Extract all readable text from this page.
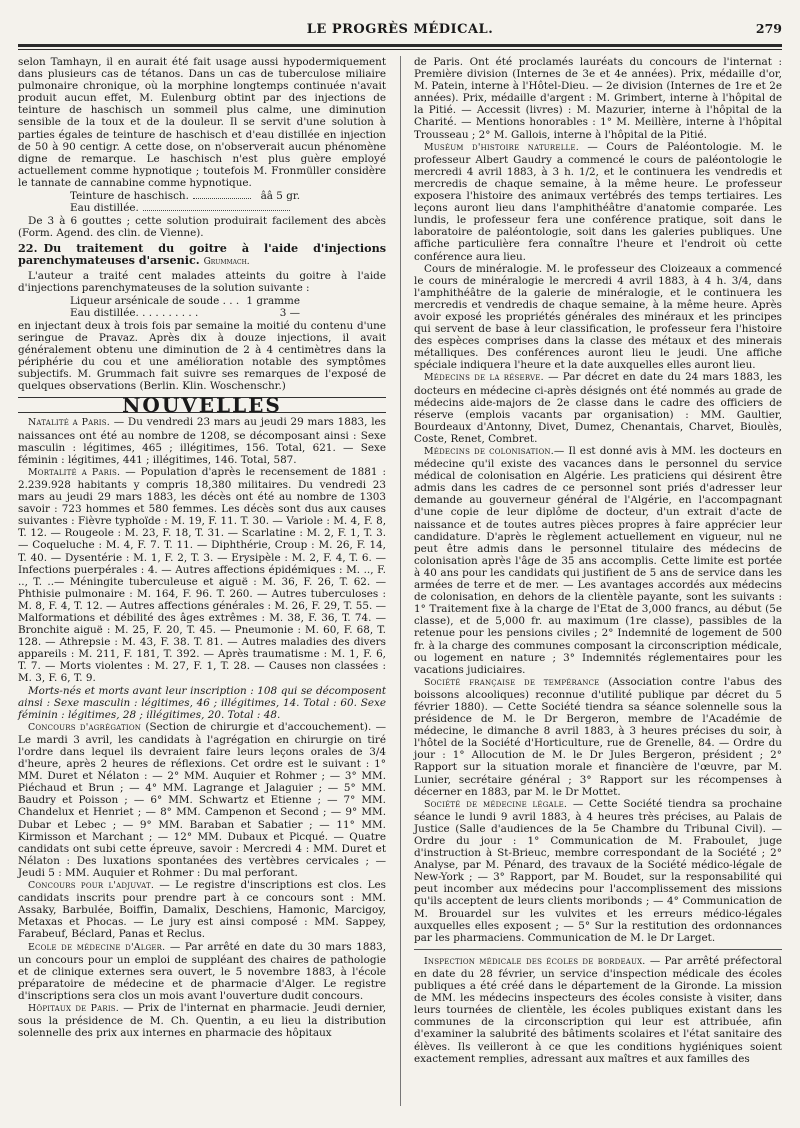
LE PROGRÈS MÉDICAL.	279

selon Tamhayn, il en aurait été fait usage aussi hypodermiquement dans plusieurs cas de tétanos. Dans un cas de tuberculose miliaire pulmonaire chronique, où la morphine longtemps continuée n'avait produit aucun effet, M. Eulenburg obtint par des injections de teinture de haschisch un sommeil plus calme, une diminution sensible de la toux et de la douleur. Il se servit d'une solution à parties égales de teinture de haschisch et d'eau distillée en injection de 50 à 90 centigr. A cette dose, on n'observerait aucun phénomène digne de remarque. Le haschisch n'est plus guère employé actuellement comme hypnotique ; toutefois M. Fronmüller considère le tannate de cannabine comme hypnotique.

Teinture de haschisch.	ââ 5 gr.
Eau distillée.

De 3 à 6 gouttes ; cette solution produirait facilement des abcès (Form. Agend. des clin. de Vienne).

22. Du traitement du goitre à l'aide d'injections parenchymateuses d'arsenic. Grummach.

L'auteur a traité cent malades atteints du goitre à l'aide d'injections parenchymateuses de la solution suivante :

Liqueur arsénicale de soude . . . 1 gramme
Eau distillée. . . . . . . . . .	3 —

en injectant deux à trois fois par semaine la moitié du contenu d'une seringue de Pravaz. Après dix à douze injections, il avait généralement obtenu une diminution de 2 à 4 centimètres dans la périphérie du cou et une amélioration notable des symptômes subjectifs. M. Grummach fait suivre ses remarques de l'exposé de quelques observations (Berlin. Klin. Woschenschr.)

NOUVELLES

Natalité a Paris. — Du vendredi 23 mars au jeudi 29 mars 1883, les naissances ont été au nombre de 1208, se décomposant ainsi : Sexe masculin : légitimes, 465 ; illégitimes, 156. Total, 621. — Sexe féminin : légitimes, 441 ; illégitimes, 146. Total, 587.

Mortalité a Paris. — Population d'après le recensement de 1881 : 2.239.928 habitants y compris 18,380 militaires. Du vendredi 23 mars au jeudi 29 mars 1883, les décès ont été au nombre de 1303 savoir : 723 hommes et 580 femmes. Les décès sont dus aux causes suivantes : Fièvre typhoïde : M. 19, F. 11. T. 30. — Variole : M. 4, F. 8, T. 12. — Rougeole : M. 23, F. 18, T. 31. — Scarlatine : M. 2, F. 1, T. 3. — Coqueluche : M. 4, F. 7. T. 11. — Diphthérie, Croup : M. 26, F. 14, T. 40. — Dysentérie : M. 1, F. 2, T. 3. — Erysipèle : M. 2, F. 4, T. 6. — Infections puerpérales : 4. — Autres affections épidémiques : M. .., F. .., T. ..— Méningite tuberculeuse et aiguë : M. 36, F. 26, T. 62. — Phthisie pulmonaire : M. 164, F. 96. T. 260. — Autres tuberculoses : M. 8, F. 4, T. 12. — Autres affections générales : M. 26, F. 29, T. 55. — Malformations et débilité des âges extrêmes : M. 38, F. 36, T. 74. — Bronchite aiguë : M. 25, F. 20, T. 45. — Pneumonie : M. 60, F. 68, T. 128. — Athrepsie : M. 43, F. 38. T. 81. — Autres maladies des divers appareils : M. 211, F. 181, T. 392. — Après traumatisme : M. 1, F. 6, T. 7. — Morts violentes : M. 27, F. 1, T. 28. — Causes non classées : M. 3, F. 6, T. 9.

Morts-nés et morts avant leur inscription : 108 qui se décomposent ainsi : Sexe masculin : légitimes, 46 ; illégitimes, 14. Total : 60. Sexe féminin : légitimes, 28 ; illégitimes, 20. Total : 48.

Concours d'agrégation (Section de chirurgie et d'accouchement). — Le mardi 3 avril, les candidats à l'agrégation en chirurgie on tiré l'ordre dans lequel ils devraient faire leurs leçons orales de 3/4 d'heure, après 2 heures de réflexions. Cet ordre est le suivant : 1° MM. Duret et Nélaton : — 2° MM. Auquier et Rohmer ; — 3° MM. Piéchaud et Brun ; — 4° MM. Lagrange et Jalaguier ; — 5° MM. Baudry et Poisson ; — 6° MM. Schwartz et Etienne ; — 7° MM. Chandelux et Henriet ; — 8° MM. Campenon et Second ; — 9° MM. Dubar et Lebec ; — 9° MM. Baraban et Sabatier ; — 11° MM. Kirmisson et Marchant ; — 12° MM. Dubaux et Picqué. — Quatre candidats ont subi cette épreuve, savoir : Mercredi 4 : MM. Duret et Nélaton : Des luxations spontanées des vertèbres cervicales ; — Jeudi 5 : MM. Auquier et Rohmer : Du mal perforant.

Concours pour l'adjuvat. — Le registre d'inscriptions est clos. Les candidats inscrits pour prendre part à ce concours sont : MM. Assaky, Barbulée, Boiffin, Damalix, Deschiens, Hamonic, Marcigoy, Metaxas et Phocas. — Le jury est ainsi composé : MM. Sappey, Farabeuf, Béclard, Panas et Reclus.

Ecole de médecine d'Alger. — Par arrêté en date du 30 mars 1883, un concours pour un emploi de suppléant des chaires de pathologie et de clinique externes sera ouvert, le 5 novembre 1883, à l'école préparatoire de médecine et de pharmacie d'Alger. Le registre d'inscriptions sera clos un mois avant l'ouverture dudit concours.

Hôpitaux de Paris. — Prix de l'internat en pharmacie. Jeudi dernier, sous la présidence de M. Ch. Quentin, a eu lieu la distribution solennelle des prix aux internes en pharmacie des hôpitaux

de Paris. Ont été proclamés lauréats du concours de l'internat : Première division (Internes de 3e et 4e années). Prix, médaille d'or, M. Patein, interne à l'Hôtel-Dieu. — 2e division (Internes de 1re et 2e années). Prix, médaille d'argent : M. Grimbert, interne à l'hôpital de la Pitié. — Accessit (livres) : M. Mazurier, interne à l'hôpital de la Charité. — Mentions honorables : 1° M. Meillère, interne à l'hôpital Trousseau ; 2° M. Gallois, interne à l'hôpital de la Pitié.

Muséum d'histoire naturelle. — Cours de Paléontologie. M. le professeur Albert Gaudry a commencé le cours de paléontologie le mercredi 4 avril 1883, à 3 h. 1/2, et le continuera les vendredis et mercredis de chaque semaine, à la même heure. Le professeur exposera l'histoire des animaux vertébrés des temps tertiaires. Les leçons auront lieu dans l'amphithéâtre d'anatomie comparée. Les lundis, le professeur fera une conférence pratique, soit dans le laboratoire de paléontologie, soit dans les galeries publiques. Une affiche particulière fera connaître l'heure et l'endroit où cette conférence aura lieu.

Cours de minéralogie. M. le professeur des Cloizeaux a commencé le cours de minéralogie le mercredi 4 avril 1883, à 4 h. 3/4, dans l'amphithéâtre de la galerie de minéralogie, et le continuera les mercredis et vendredis de chaque semaine, à la même heure. Après avoir exposé les propriétés générales des minéraux et les principes qui servent de base à leur classification, le professeur fera l'histoire des espèces comprises dans la classe des métaux et des minerais métalliques. Des conférences auront lieu le jeudi. Une affiche spéciale indiquera l'heure et la date auxquelles elles auront lieu.

Médecins de la réserve. — Par décret en date du 24 mars 1883, les docteurs en médecine ci-après désignés ont été nommés au grade de médecins aide-majors de 2e classe dans le cadre des officiers de réserve (emplois vacants par organisation) : MM. Gaultier, Bourdeaux d'Antonny, Divet, Dumez, Chenantais, Charvet, Bioulès, Coste, Renet, Combret.

Médecins de colonisation.— Il est donné avis à MM. les docteurs en médecine qu'il existe des vacances dans le personnel du service médical de colonisation en Algérie. Les praticiens qui désirent être admis dans les cadres de ce personnel sont priés d'adresser leur demande au gouverneur général de l'Algérie, en l'accompagnant d'une copie de leur diplôme de docteur, d'un extrait d'acte de naissance et de toutes autres pièces propres à faire apprécier leur candidature. D'après le règlement actuellement en vigueur, nul ne peut être admis dans le personnel titulaire des médecins de colonisation après l'âge de 35 ans accomplis. Cette limite est portée à 40 ans pour les candidats qui justifient de 5 ans de service dans les armées de terre et de mer. — Les avantages accordés aux médecins de colonisation, en dehors de la clientèle payante, sont les suivants : 1° Traitement fixe à la charge de l'Etat de 3,000 francs, au début (5e classe), et de 5,000 fr. au maximum (1re classe), passibles de la retenue pour les pensions civiles ; 2° Indemnité de logement de 500 fr. à la charge des communes composant la circonscription médicale, ou logement en nature ; 3° Indemnités réglementaires pour les vacations judiciaires.

Société française de tempérance (Association contre l'abus des boissons alcooliques) reconnue d'utilité publique par décret du 5 février 1880). — Cette Société tiendra sa séance solennelle sous la présidence de M. le Dr Bergeron, membre de l'Académie de médecine, le dimanche 8 avril 1883, à 3 heures précises du soir, à l'hôtel de la Société d'Horticulture, rue de Grenelle, 84. — Ordre du jour : 1° Allocution de M. le Dr Jules Bergeron, président ; 2° Rapport sur la situation morale et financière de l'œuvre, par M. Lunier, secrétaire général ; 3° Rapport sur les récompenses à décerner en 1883, par M. le Dr Mottet.

Société de médecine légale. — Cette Société tiendra sa prochaine séance le lundi 9 avril 1883, à 4 heures très précises, au Palais de Justice (Salle d'audiences de la 5e Chambre du Tribunal Civil). — Ordre du jour : 1° Communication de M. Fraboulet, juge d'instruction à St-Brieuc, membre correspondant de la Société ; 2° Analyse, par M. Pénard, des travaux de la Société médico-légale de New-York ; — 3° Rapport, par M. Boudet, sur la responsabilité qui peut incomber aux médecins pour l'accomplissement des missions qu'ils acceptent de leurs clients moribonds ; — 4° Communication de M. Brouardel sur les vulvites et les erreurs médico-légales auxquelles elles exposent ; — 5° Sur la restitution des ordonnances par les pharmaciens. Communication de M. le Dr Larget.

Inspection médicale des écoles de bordeaux. — Par arrêté préfectoral en date du 28 février, un service d'inspection médicale des écoles publiques a été créé dans le département de la Gironde. La mission de MM. les médecins inspecteurs des écoles consiste à visiter, dans leurs tournées de clientèle, les écoles publiques existant dans les communes de la circonscription qui leur est attribuée, afin d'examiner la salubrité des bâtiments scolaires et l'état sanitaire des élèves. Ils veilleront à ce que les conditions hygiéniques soient exactement remplies, adressant aux maîtres et aux familles des
